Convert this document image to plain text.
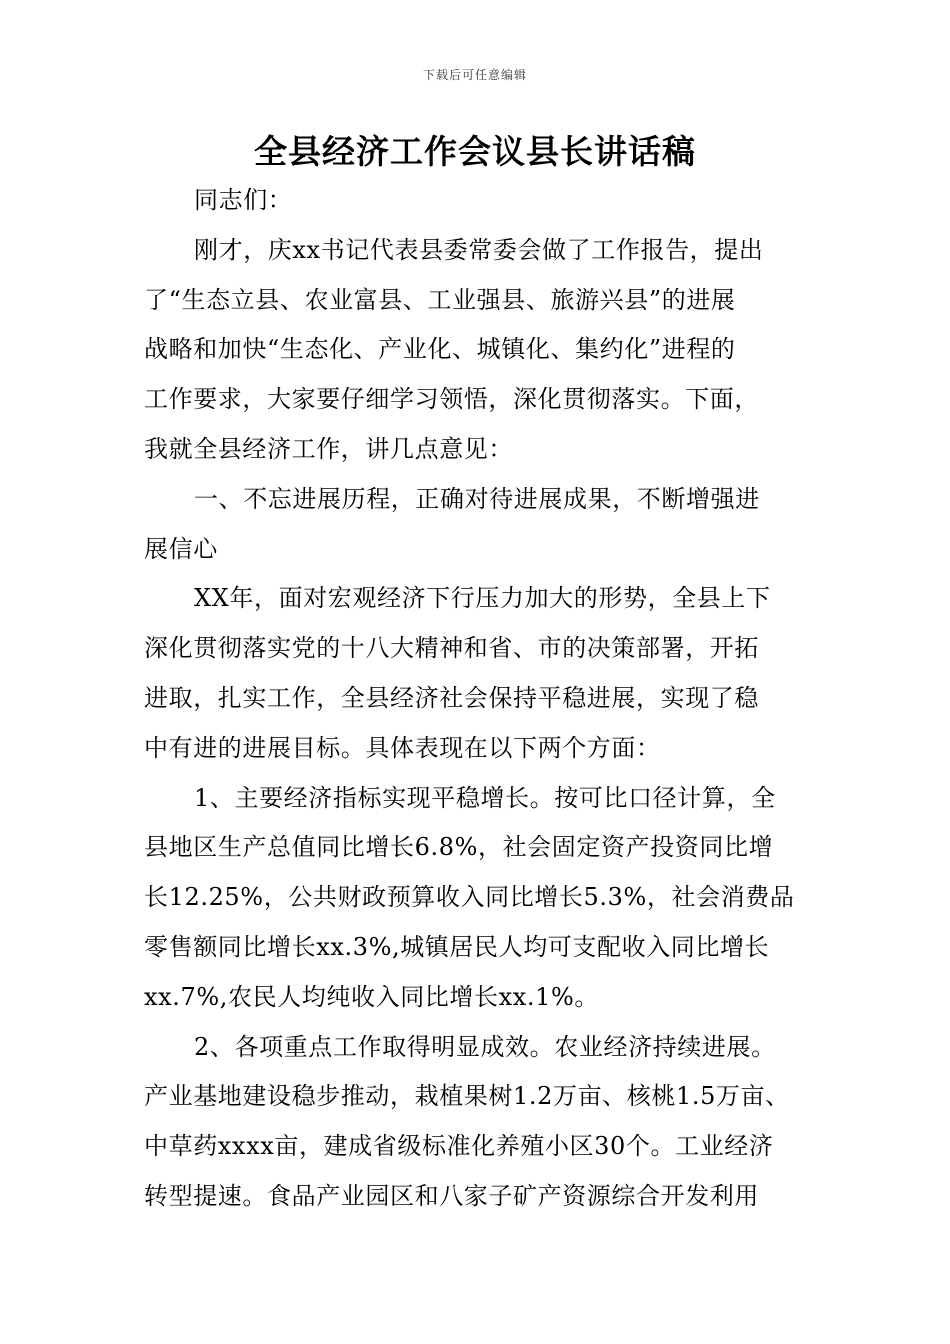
下载后可任意编辑
全县经济工作会议县长讲话稿
同志们：
刚才，庆xx书记代表县委常委会做了工作报告，提出
了“生态立县、农业富县、工业强县、旅游兴县”的进展
战略和加快“生态化、产业化、城镇化、集约化”进程的
工作要求，大家要仔细学习领悟，深化贯彻落实。下面，
我就全县经济工作，讲几点意见：
一、不忘进展历程，正确对待进展成果，不断增强进
展信心
XX年，面对宏观经济下行压力加大的形势，全县上下
深化贯彻落实党的十八大精神和省、市的决策部署，开拓
进取，扎实工作，全县经济社会保持平稳进展，实现了稳
中有进的进展目标。具体表现在以下两个方面：
1、主要经济指标实现平稳增长。按可比口径计算，全
县地区生产总值同比增长6.8%，社会固定资产投资同比增
长12.25%，公共财政预算收入同比增长5.3%，社会消费品
零售额同比增长xx.3%,城镇居民人均可支配收入同比增长
xx.7%,农民人均纯收入同比增长xx.1%。
2、各项重点工作取得明显成效。农业经济持续进展。
产业基地建设稳步推动，栽植果树1.2万亩、核桃1.5万亩、
中草药xxxx亩，建成省级标准化养殖小区30个。工业经济
转型提速。食品产业园区和八家子矿产资源综合开发利用
